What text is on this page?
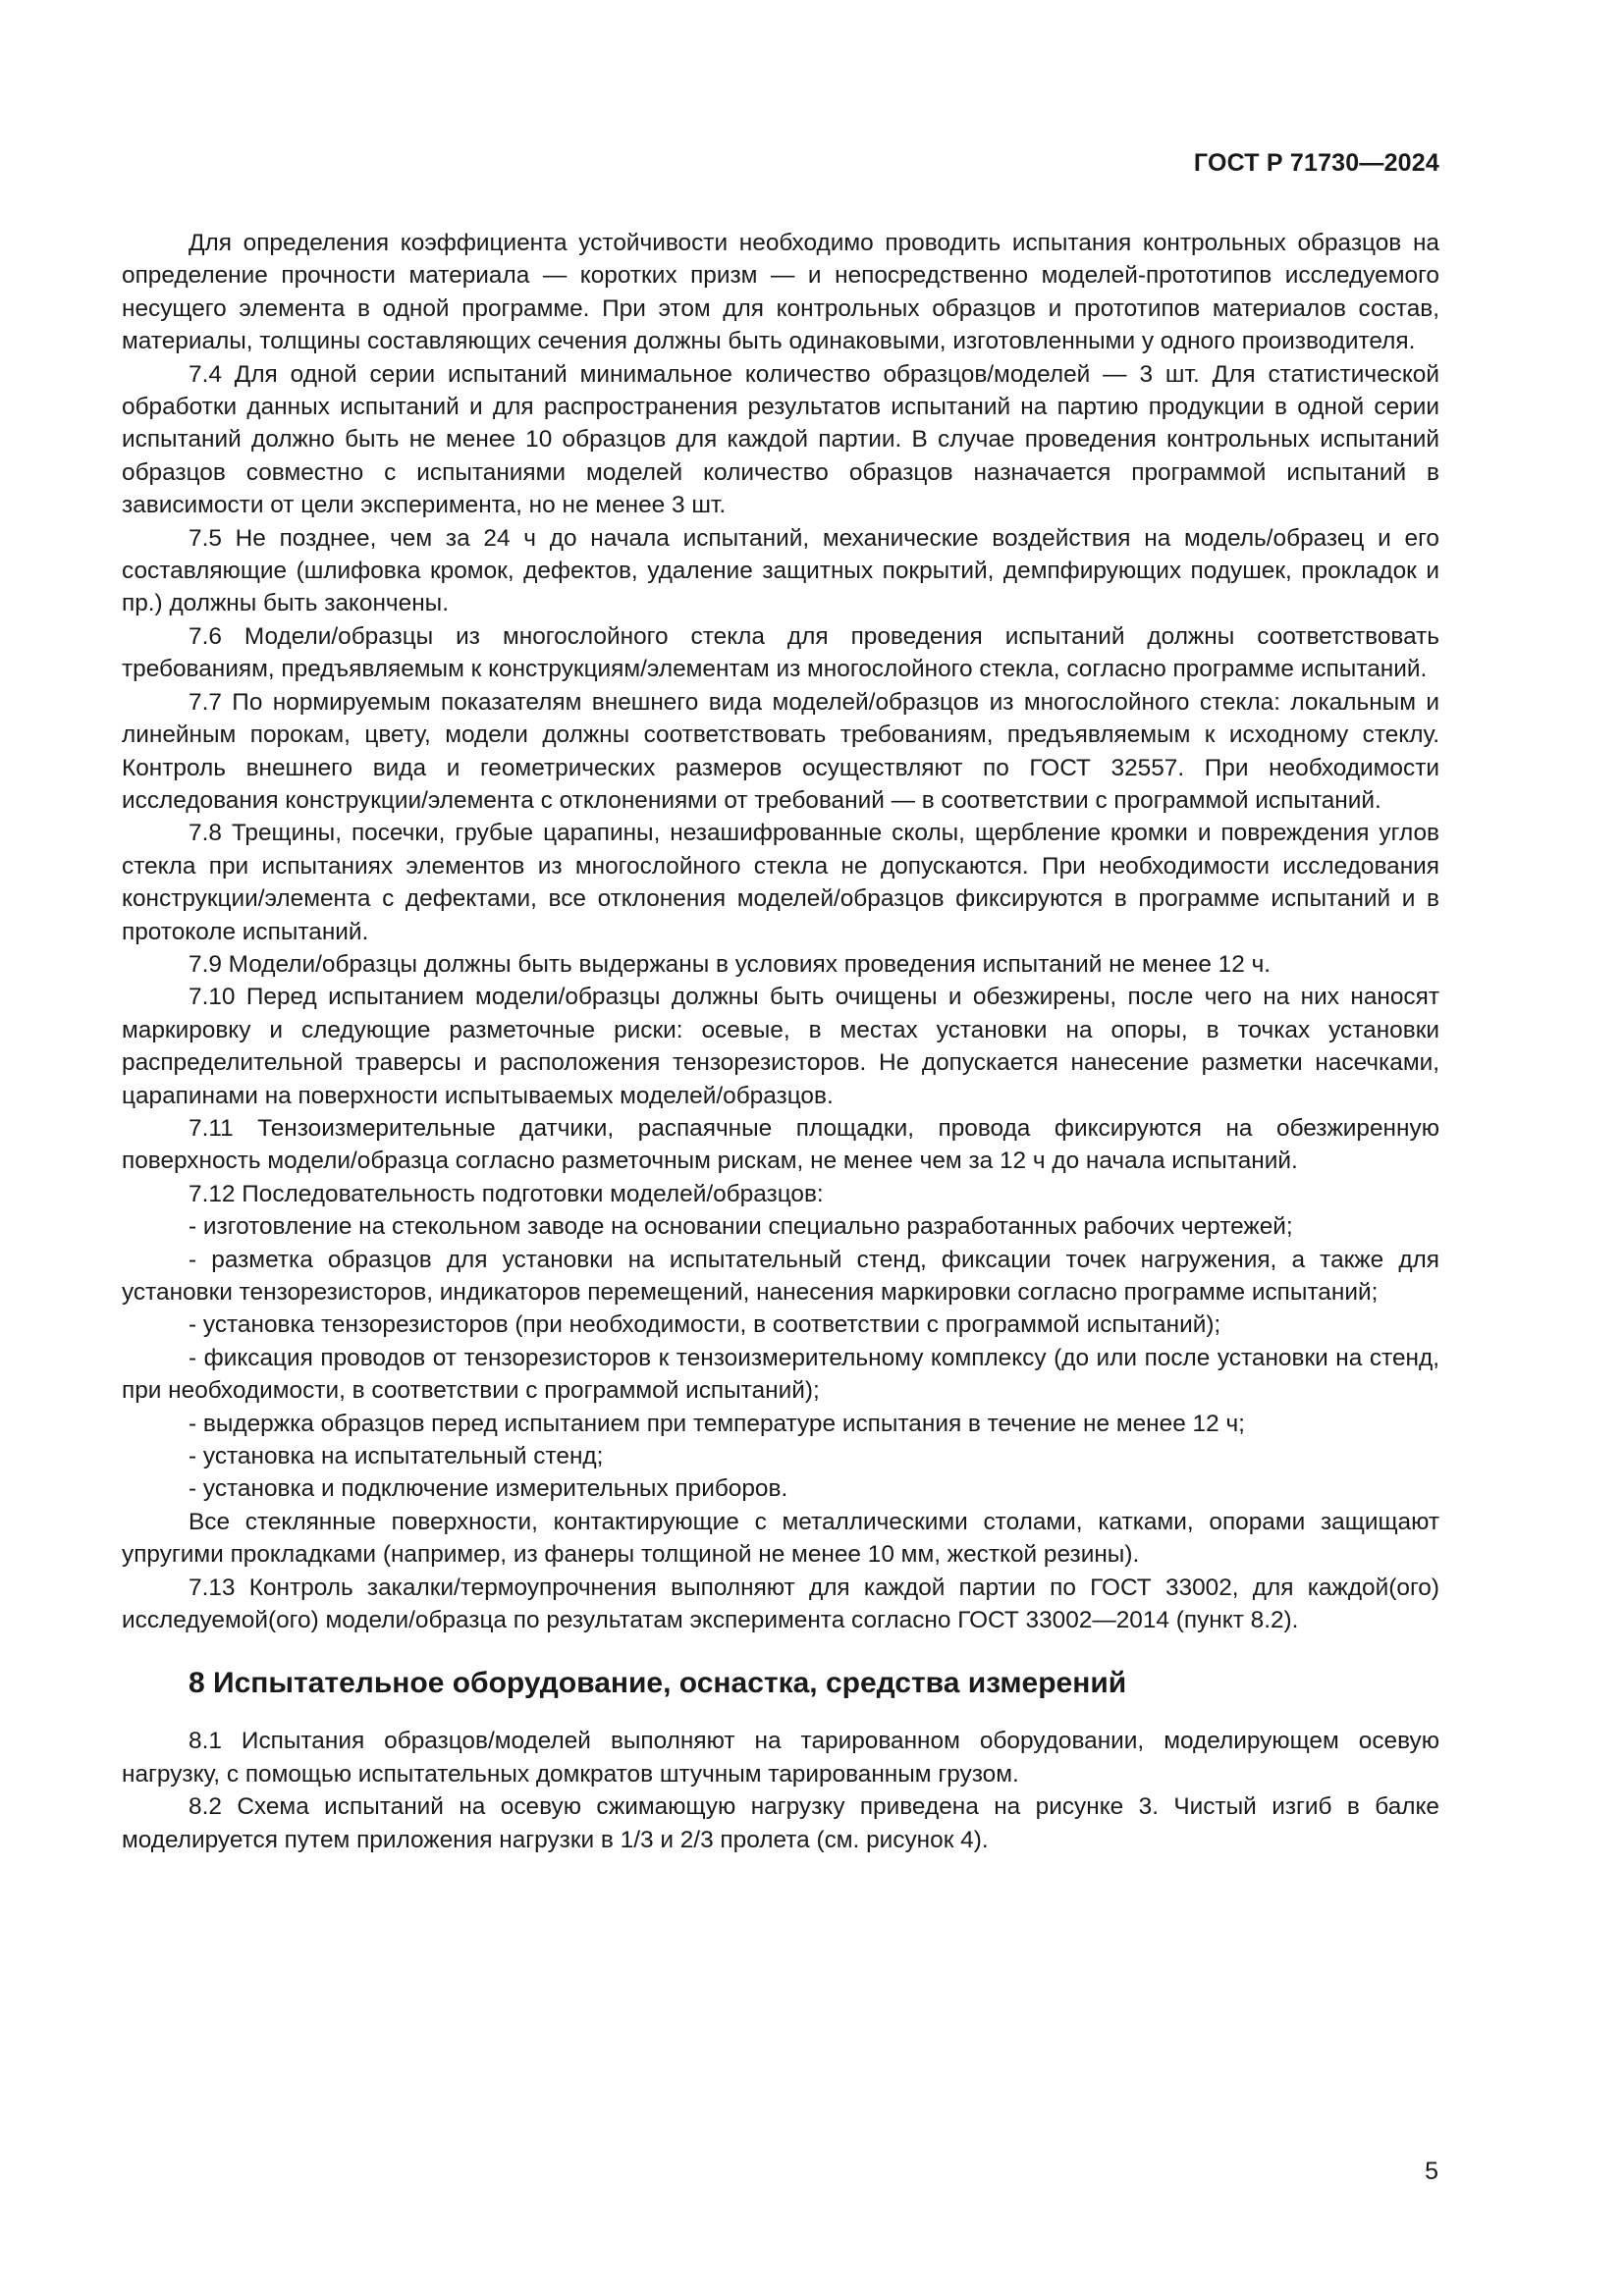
ГОСТ Р 71730—2024

Для определения коэффициента устойчивости необходимо проводить испытания контрольных образцов на определение прочности материала — коротких призм — и непосредственно моделей-прототипов исследуемого несущего элемента в одной программе. При этом для контрольных образцов и прототипов материалов состав, материалы, толщины составляющих сечения должны быть одинаковыми, изготовленными у одного производителя.

7.4 Для одной серии испытаний минимальное количество образцов/моделей — 3 шт. Для статистической обработки данных испытаний и для распространения результатов испытаний на партию продукции в одной серии испытаний должно быть не менее 10 образцов для каждой партии. В случае проведения контрольных испытаний образцов совместно с испытаниями моделей количество образцов назначается программой испытаний в зависимости от цели эксперимента, но не менее 3 шт.

7.5 Не позднее, чем за 24 ч до начала испытаний, механические воздействия на модель/образец и его составляющие (шлифовка кромок, дефектов, удаление защитных покрытий, демпфирующих подушек, прокладок и пр.) должны быть закончены.

7.6 Модели/образцы из многослойного стекла для проведения испытаний должны соответствовать требованиям, предъявляемым к конструкциям/элементам из многослойного стекла, согласно программе испытаний.

7.7 По нормируемым показателям внешнего вида моделей/образцов из многослойного стекла: локальным и линейным порокам, цвету, модели должны соответствовать требованиям, предъявляемым к исходному стеклу. Контроль внешнего вида и геометрических размеров осуществляют по ГОСТ 32557. При необходимости исследования конструкции/элемента с отклонениями от требований — в соответствии с программой испытаний.

7.8 Трещины, посечки, грубые царапины, незашифрованные сколы, щербление кромки и повреждения углов стекла при испытаниях элементов из многослойного стекла не допускаются. При необходимости исследования конструкции/элемента с дефектами, все отклонения моделей/образцов фиксируются в программе испытаний и в протоколе испытаний.

7.9 Модели/образцы должны быть выдержаны в условиях проведения испытаний не менее 12 ч.

7.10 Перед испытанием модели/образцы должны быть очищены и обезжирены, после чего на них наносят маркировку и следующие разметочные риски: осевые, в местах установки на опоры, в точках установки распределительной траверсы и расположения тензорезисторов. Не допускается нанесение разметки насечками, царапинами на поверхности испытываемых моделей/образцов.

7.11 Тензоизмерительные датчики, распаячные площадки, провода фиксируются на обезжиренную поверхность модели/образца согласно разметочным рискам, не менее чем за 12 ч до начала испытаний.

7.12 Последовательность подготовки моделей/образцов:

- изготовление на стекольном заводе на основании специально разработанных рабочих чертежей;

- разметка образцов для установки на испытательный стенд, фиксации точек нагружения, а также для установки тензорезисторов, индикаторов перемещений, нанесения маркировки согласно программе испытаний;

- установка тензорезисторов (при необходимости, в соответствии с программой испытаний);

- фиксация проводов от тензорезисторов к тензоизмерительному комплексу (до или после установки на стенд, при необходимости, в соответствии с программой испытаний);

- выдержка образцов перед испытанием при температуре испытания в течение не менее 12 ч;

- установка на испытательный стенд;

- установка и подключение измерительных приборов.

Все стеклянные поверхности, контактирующие с металлическими столами, катками, опорами защищают упругими прокладками (например, из фанеры толщиной не менее 10 мм, жесткой резины).

7.13 Контроль закалки/термоупрочнения выполняют для каждой партии по ГОСТ 33002, для каждой(ого) исследуемой(ого) модели/образца по результатам эксперимента согласно ГОСТ 33002—2014 (пункт 8.2).

8 Испытательное оборудование, оснастка, средства измерений

8.1 Испытания образцов/моделей выполняют на тарированном оборудовании, моделирующем осевую нагрузку, с помощью испытательных домкратов штучным тарированным грузом.

8.2 Схема испытаний на осевую сжимающую нагрузку приведена на рисунке 3. Чистый изгиб в балке моделируется путем приложения нагрузки в 1/3 и 2/3 пролета (см. рисунок 4).

5
